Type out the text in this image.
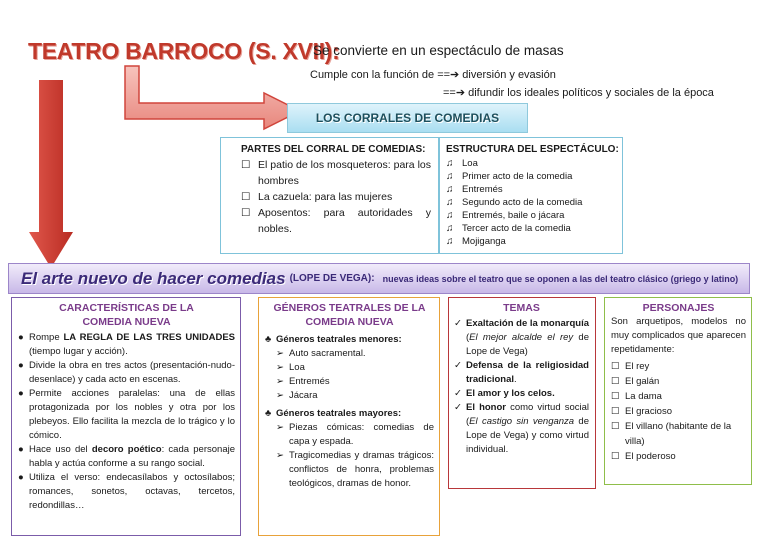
TEATRO BARROCO (S. XVII):
Se convierte en un espectáculo de masas
Cumple con la función de ==➔ diversión y evasión
==➔ difundir los ideales políticos y sociales de la época
LOS CORRALES DE COMEDIAS
PARTES DEL CORRAL DE COMEDIAS:
☐ El patio de los mosqueteros: para los hombres
☐ La cazuela: para las mujeres
☐ Aposentos: para autoridades y nobles.
ESTRUCTURA DEL ESPECTÁCULO:
♫ Loa
♫ Primer acto de la comedia
♫ Entremés
♫ Segundo acto de la comedia
♫ Entremés, baile o jácara
♫ Tercer acto de la comedia
♫ Mojiganga
El arte nuevo de hacer comedias (LOPE DE VEGA): nuevas ideas sobre el teatro que se oponen a las del teatro clásico (griego y latino)
CARACTERÍSTICAS DE LA
COMEDIA NUEVA
● Rompe LA REGLA DE LAS TRES UNIDADES (tiempo lugar y acción).
● Divide la obra en tres actos (presentación-nudo-desenlace) y cada acto en escenas.
● Permite acciones paralelas: una de ellas protagonizada por los nobles y otra por los plebeyos. Ello facilita la mezcla de lo trágico y lo cómico.
● Hace uso del decoro poético: cada personaje habla y actúa conforme a su rango social.
● Utiliza el verso: endecasílabos y octosílabos; romances, sonetos, octavas, tercetos, redondillas…
GÉNEROS TEATRALES DE LA
COMEDIA NUEVA
♣ Géneros teatrales menores:
➢ Auto sacramental.
➢ Loa
➢ Entremés
➢ Jácara
♣ Géneros teatrales mayores:
➢ Piezas cómicas: comedias de capa y espada.
➢ Tragicomedias y dramas trágicos: conflictos de honra, problemas teológicos, dramas de honor.
TEMAS
✓ Exaltación de la monarquía (El mejor alcalde el rey de Lope de Vega)
✓ Defensa de la religiosidad tradicional.
✓ El amor y los celos.
✓ El honor como virtud social (El castigo sin venganza de Lope de Vega) y como virtud individual.
PERSONAJES
Son arquetipos, modelos no muy complicados que aparecen repetidamente:
☐ El rey
☐ El galán
☐ La dama
☐ El gracioso
☐ El villano (habitante de la villa)
☐ El poderoso
